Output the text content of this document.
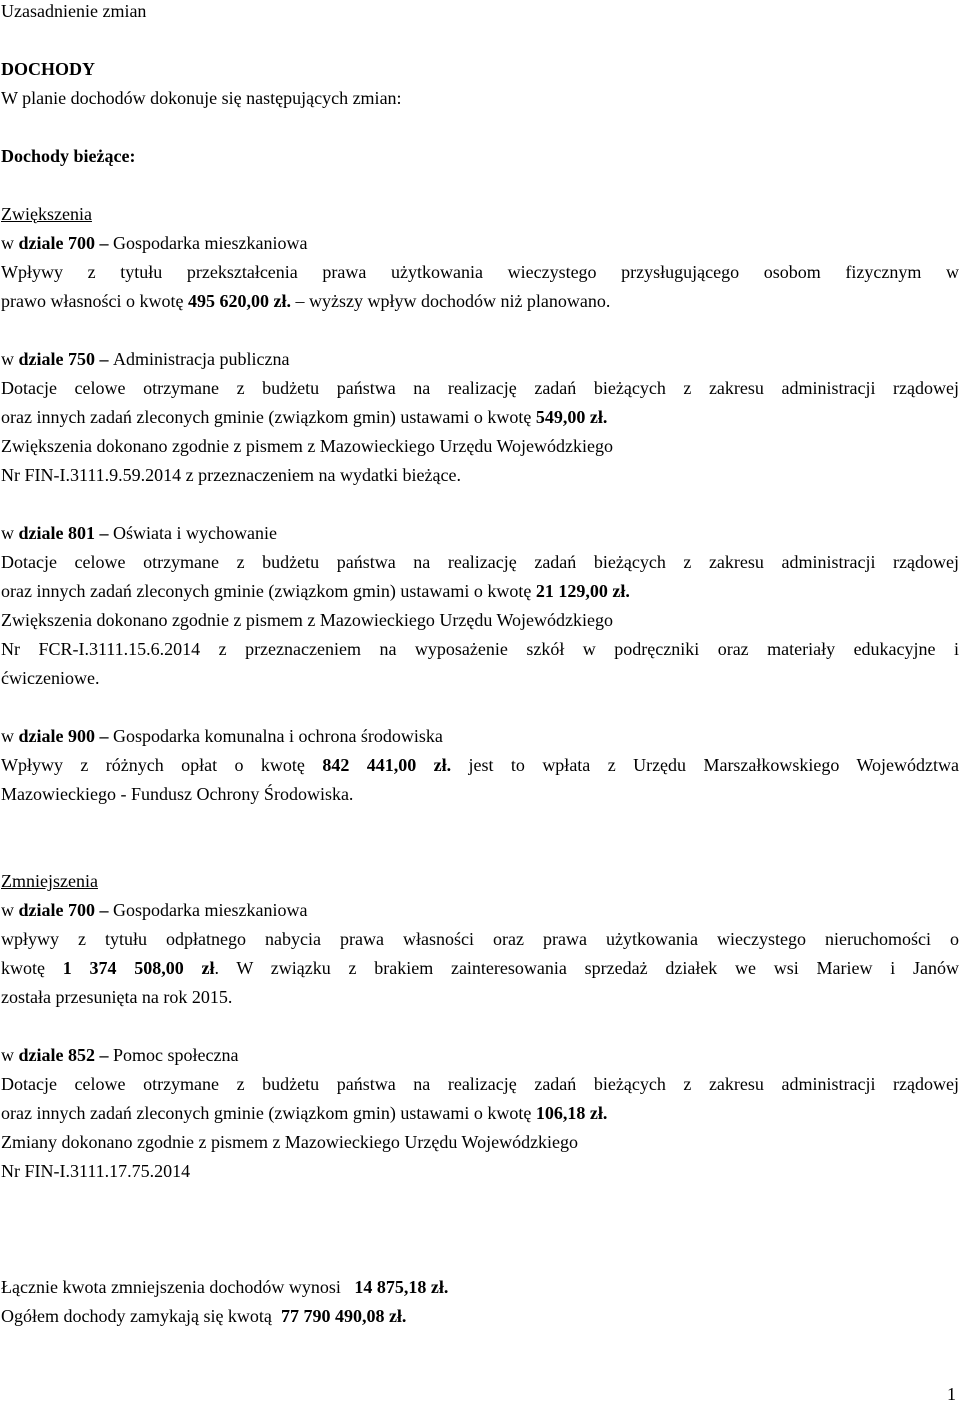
Uzasadnienie zmian

DOCHODY

W planie dochodów dokonuje się następujących zmian:

Dochody bieżące:

Zwiększenia

w dziale 700 – Gospodarka mieszkaniowa

Wpływy z tytułu przekształcenia prawa użytkowania wieczystego przysługującego osobom fizycznym w

prawo własności o kwotę 495 620,00 zł. – wyższy wpływ dochodów niż planowano.

w dziale 750 – Administracja publiczna

Dotacje celowe otrzymane z budżetu państwa na realizację zadań bieżących z zakresu administracji rządowej

oraz innych zadań zleconych gminie (związkom gmin) ustawami o kwotę 549,00 zł.

Zwiększenia dokonano zgodnie z pismem z Mazowieckiego Urzędu Wojewódzkiego

Nr FIN-I.3111.9.59.2014 z przeznaczeniem na wydatki bieżące.

w dziale 801 – Oświata i wychowanie

Dotacje celowe otrzymane z budżetu państwa na realizację zadań bieżących z zakresu administracji rządowej

oraz innych zadań zleconych gminie (związkom gmin) ustawami o kwotę 21 129,00 zł.

Zwiększenia dokonano zgodnie z pismem z Mazowieckiego Urzędu Wojewódzkiego

Nr FCR-I.3111.15.6.2014 z przeznaczeniem na wyposażenie szkół w podręczniki oraz materiały edukacyjne i

ćwiczeniowe.

w dziale 900 – Gospodarka komunalna i ochrona środowiska

Wpływy z różnych opłat o kwotę 842 441,00 zł. jest to wpłata z Urzędu Marszałkowskiego Województwa

Mazowieckiego - Fundusz Ochrony Środowiska.

Zmniejszenia

w dziale 700 – Gospodarka mieszkaniowa

wpływy z tytułu odpłatnego nabycia prawa własności oraz prawa użytkowania wieczystego nieruchomości o

kwotę 1 374 508,00 zł. W związku z brakiem zainteresowania sprzedaż działek we wsi Mariew i Janów

została przesunięta na rok 2015.

w dziale 852 – Pomoc społeczna

Dotacje celowe otrzymane z budżetu państwa na realizację zadań bieżących z zakresu administracji rządowej

oraz innych zadań zleconych gminie (związkom gmin) ustawami o kwotę 106,18 zł.

Zmiany dokonano zgodnie z pismem z Mazowieckiego Urzędu Wojewódzkiego

Nr FIN-I.3111.17.75.2014

Łącznie kwota zmniejszenia dochodów wynosi   14 875,18 zł.

Ogółem dochody zamykają się kwotą  77 790 490,08 zł.

1
